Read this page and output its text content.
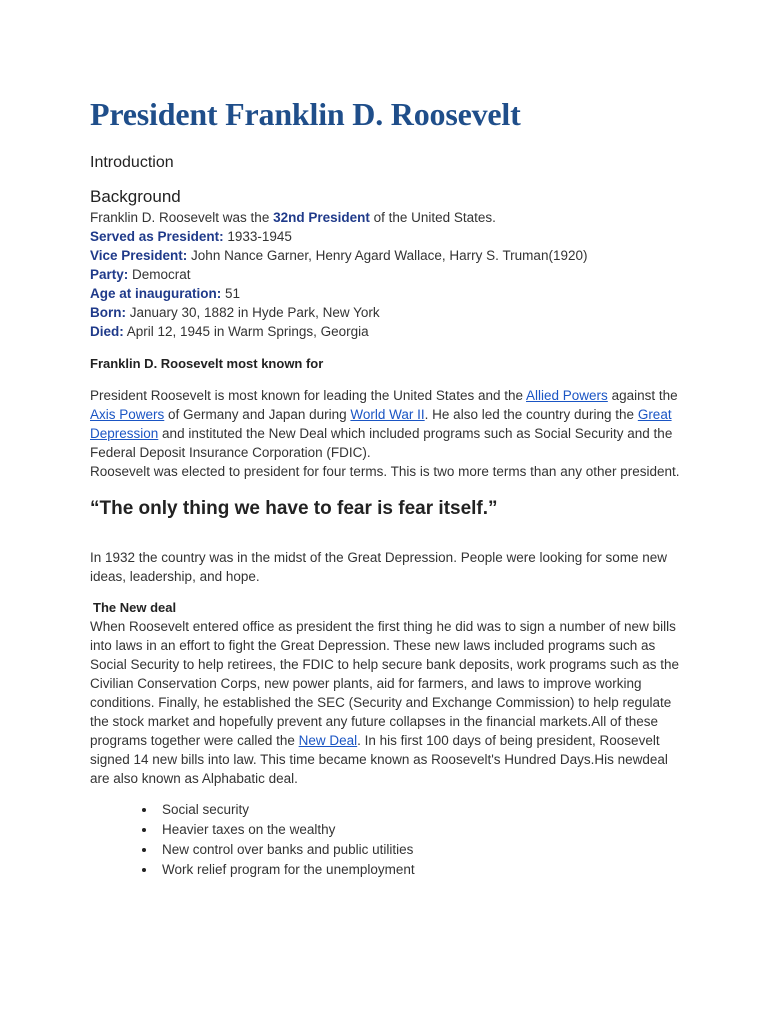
President Franklin D. Roosevelt
Introduction
Background

Franklin D. Roosevelt was the 32nd President of the United States.

Served as President: 1933-1945

Vice President: John Nance Garner, Henry Agard Wallace, Harry S. Truman(1920)

Party: Democrat

Age at inauguration: 51

Born: January 30, 1882 in Hyde Park, New York

Died: April 12, 1945 in Warm Springs, Georgia

Franklin D. Roosevelt most known for

President Roosevelt is most known for leading the United States and the Allied Powers against the Axis Powers of Germany and Japan during World War II. He also led the country during the Great Depression and instituted the New Deal which included programs such as Social Security and the Federal Deposit Insurance Corporation (FDIC).

Roosevelt was elected to president for four terms. This is two more terms than any other president.

“The only thing we have to fear is fear itself.”

In 1932 the country was in the midst of the Great Depression. People were looking for some new ideas, leadership, and hope.

The New deal

When Roosevelt entered office as president the first thing he did was to sign a number of new bills into laws in an effort to fight the Great Depression. These new laws included programs such as Social Security to help retirees, the FDIC to help secure bank deposits, work programs such as the Civilian Conservation Corps, new power plants, aid for farmers, and laws to improve working conditions. Finally, he established the SEC (Security and Exchange Commission) to help regulate the stock market and hopefully prevent any future collapses in the financial markets.All of these programs together were called the New Deal. In his first 100 days of being president, Roosevelt signed 14 new bills into law. This time became known as Roosevelt's Hundred Days.His newdeal are also known as Alphabatic deal.

Social security
Heavier taxes on the wealthy
New control over banks and public utilities
Work relief program for the unemployment
